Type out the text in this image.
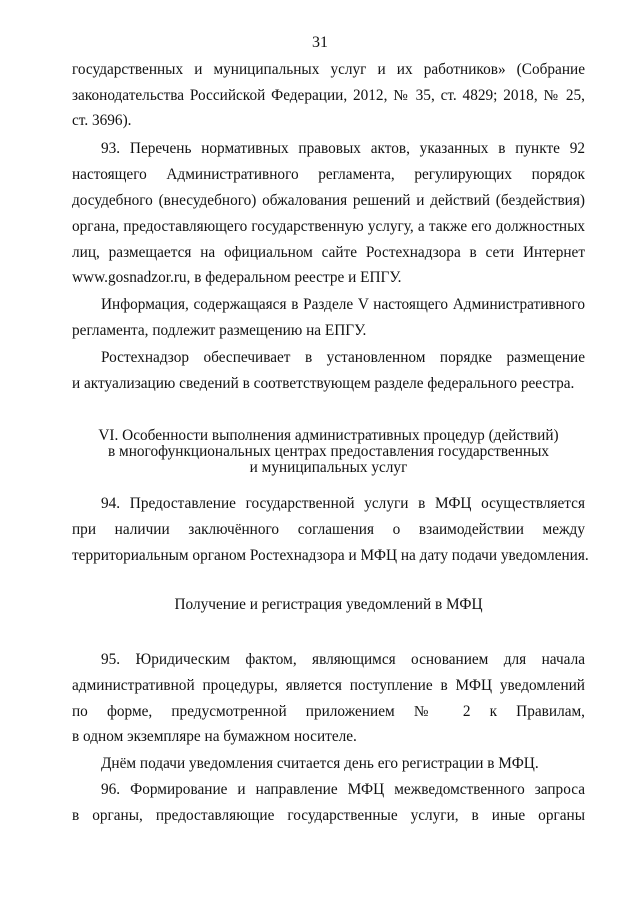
31
государственных и муниципальных услуг и их работников» (Собрание
законодательства Российской Федерации, 2012, № 35, ст. 4829; 2018, № 25,
ст. 3696).
93. Перечень нормативных правовых актов, указанных в пункте 92
настоящего Административного регламента, регулирующих порядок
досудебного (внесудебного) обжалования решений и действий (бездействия)
органа, предоставляющего государственную услугу, а также его должностных
лиц, размещается на официальном сайте Ростехнадзора в сети Интернет
www.gosnadzor.ru, в федеральном реестре и ЕПГУ.
Информация, содержащаяся в Разделе V настоящего Административного
регламента, подлежит размещению на ЕПГУ.
Ростехнадзор обеспечивает в установленном порядке размещение
и актуализацию сведений в соответствующем разделе федерального реестра.
VI. Особенности выполнения административных процедур (действий)
в многофункциональных центрах предоставления государственных
и муниципальных услуг
94. Предоставление государственной услуги в МФЦ осуществляется
при наличии заключённого соглашения о взаимодействии между
территориальным органом Ростехнадзора и МФЦ на дату подачи уведомления.
Получение и регистрация уведомлений в МФЦ
95. Юридическим фактом, являющимся основанием для начала
административной процедуры, является поступление в МФЦ уведомлений
по форме, предусмотренной приложением № 2 к Правилам,
в одном экземпляре на бумажном носителе.
Днём подачи уведомления считается день его регистрации в МФЦ.
96. Формирование и направление МФЦ межведомственного запроса
в органы, предоставляющие государственные услуги, в иные органы
